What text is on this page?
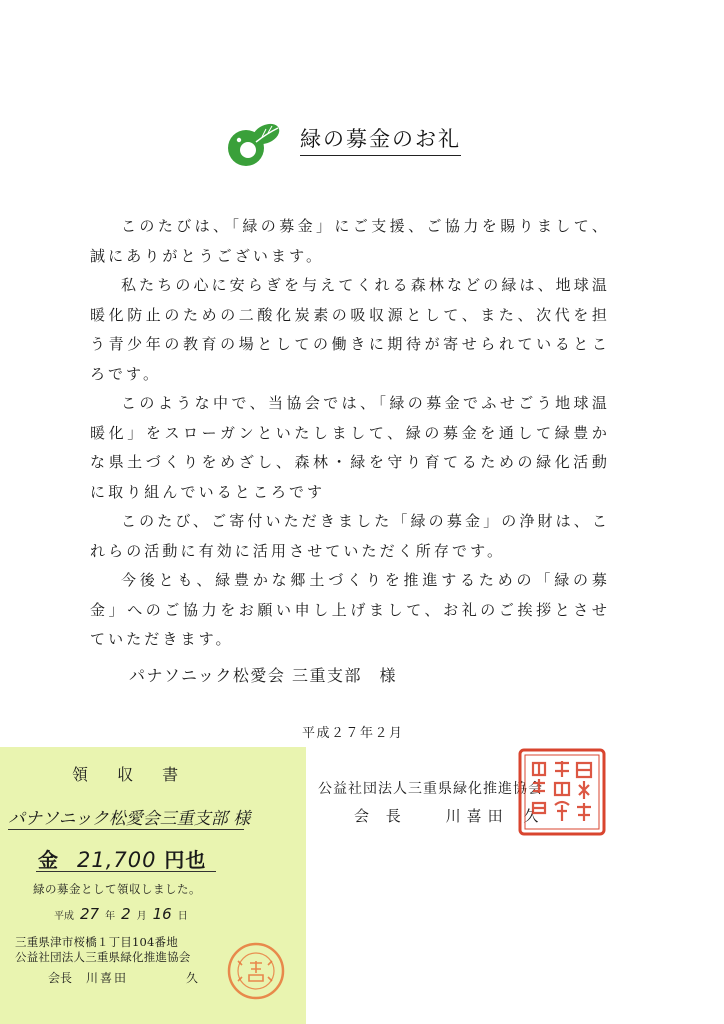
緑の募金のお礼

このたびは、「緑の募金」にご支援、ご協力を賜りまして、誠にありがとうございます。

私たちの心に安らぎを与えてくれる森林などの緑は、地球温暖化防止のための二酸化炭素の吸収源として、また、次代を担う青少年の教育の場としての働きに期待が寄せられているところです。

このような中で、当協会では、「緑の募金でふせごう地球温暖化」をスローガンといたしまして、緑の募金を通して緑豊かな県土づくりをめざし、森林・緑を守り育てるための緑化活動に取り組んでいるところです

このたび、ご寄付いただきました「緑の募金」の浄財は、これらの活動に有効に活用させていただく所存です。

今後とも、緑豊かな郷土づくりを推進するための「緑の募金」へのご協力をお願い申し上げまして、お礼のご挨拶とさせていただきます。

パナソニック松愛会 三重支部　様
平成２７年２月
公益社団法人三重県緑化推進協会
会 長	川喜田 久
領 収 書
パナソニック松愛会三重支部 様
金 21,700 円也
緑の募金として領収しました。
平成 27 年 2 月 16 日
三重県津市桜橋１丁目104番地
公益社団法人三重県緑化推進協会
会長 川喜田	久
